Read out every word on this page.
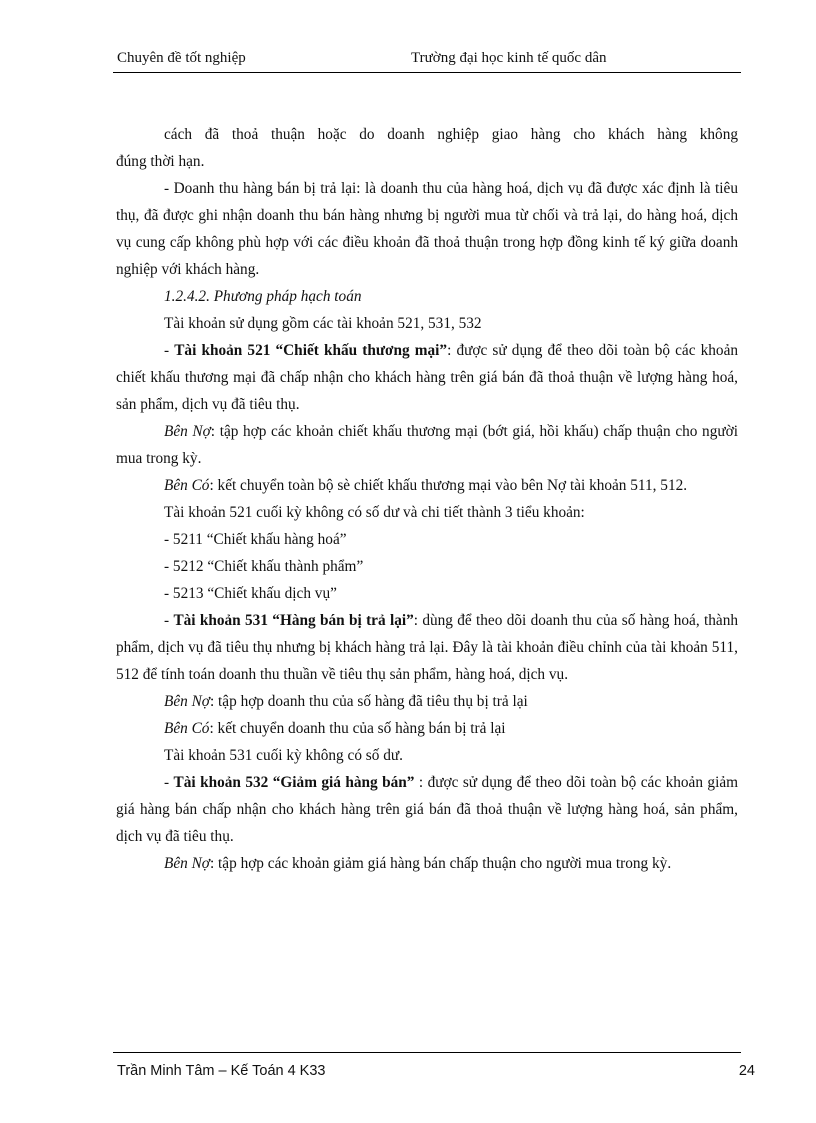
Chuyên đề tốt nghiệp	Trường đại học kinh tế quốc dân

cách đã thoả thuận hoặc do doanh nghiệp giao hàng cho khách hàng không

đúng thời hạn.

- Doanh thu hàng bán bị trả lại: là doanh thu của hàng hoá, dịch vụ đã được xác định là tiêu thụ, đã được ghi nhận doanh thu bán hàng nhưng bị người mua từ chối và trả lại, do hàng hoá, dịch vụ cung cấp không phù hợp với các điều khoản đã thoả thuận trong hợp đồng kinh tế ký giữa doanh nghiệp với khách hàng.

1.2.4.2. Phương pháp hạch toán

Tài khoản sử dụng gồm các tài khoản 521, 531, 532

- Tài khoản 521 “Chiết khấu thương mại”: được sử dụng để theo dõi toàn bộ các khoản chiết khấu thương mại đã chấp nhận cho khách hàng trên giá bán đã thoả thuận về lượng hàng hoá, sản phẩm, dịch vụ đã tiêu thụ.

Bên Nợ: tập hợp các khoản chiết khấu thương mại (bớt giá, hồi khấu) chấp thuận cho người mua trong kỳ.

Bên Có: kết chuyển toàn bộ sè chiết khấu thương mại vào bên Nợ tài khoản 511, 512.

Tài khoản 521 cuối kỳ không có số dư và chi tiết thành 3 tiểu khoản:

- 5211 “Chiết khấu hàng hoá”

- 5212 “Chiết khấu thành phẩm”

- 5213 “Chiết khấu dịch vụ”

- Tài khoản 531 “Hàng bán bị trả lại”: dùng để theo dõi doanh thu của số hàng hoá, thành phẩm, dịch vụ đã tiêu thụ nhưng bị khách hàng trả lại. Đây là tài khoản điều chỉnh của tài khoản 511, 512 để tính toán doanh thu thuần về tiêu thụ sản phẩm, hàng hoá, dịch vụ.

Bên Nợ: tập hợp doanh thu của số hàng đã tiêu thụ bị trả lại

Bên Có: kết chuyển doanh thu của số hàng bán bị trả lại

Tài khoản 531 cuối kỳ không có số dư.

- Tài khoản 532 “Giảm giá hàng bán” : được sử dụng để theo dõi toàn bộ các khoản giảm giá hàng bán chấp nhận cho khách hàng trên giá bán đã thoả thuận về lượng hàng hoá, sản phẩm, dịch vụ đã tiêu thụ.

Bên Nợ: tập hợp các khoản giảm giá hàng bán chấp thuận cho người mua trong kỳ.

Trần Minh Tâm – Kế Toán 4 K33	24
